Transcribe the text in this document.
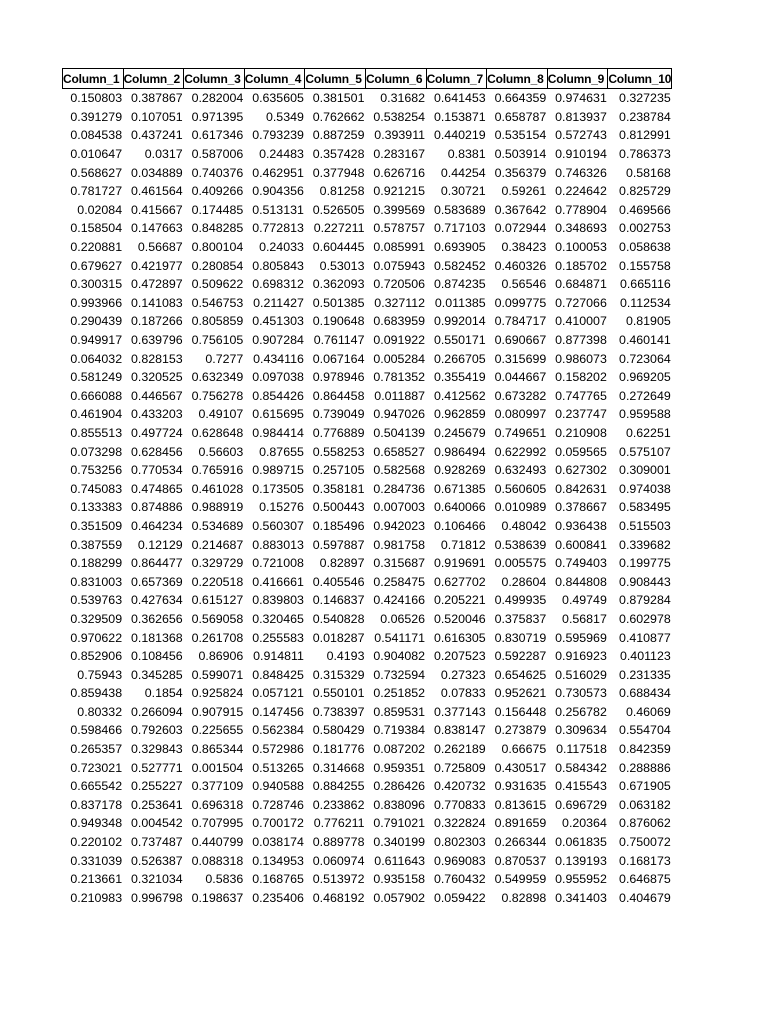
Column_1	Column_2	Column_3	Column_4	Column_5	Column_6	Column_7	Column_8	Column_9	Column_10
0.150803	0.387867	0.282004	0.635605	0.381501	0.31682	0.641453	0.664359	0.974631	0.327235
0.391279	0.107051	0.971395	0.5349	0.762662	0.538254	0.153871	0.658787	0.813937	0.238784
0.084538	0.437241	0.617346	0.793239	0.887259	0.393911	0.440219	0.535154	0.572743	0.812991
0.010647	0.0317	0.587006	0.24483	0.357428	0.283167	0.8381	0.503914	0.910194	0.786373
0.568627	0.034889	0.740376	0.462951	0.377948	0.626716	0.44254	0.356379	0.746326	0.58168
0.781727	0.461564	0.409266	0.904356	0.81258	0.921215	0.30721	0.59261	0.224642	0.825729
0.02084	0.415667	0.174485	0.513131	0.526505	0.399569	0.583689	0.367642	0.778904	0.469566
0.158504	0.147663	0.848285	0.772813	0.227211	0.578757	0.717103	0.072944	0.348693	0.002753
0.220881	0.56687	0.800104	0.24033	0.604445	0.085991	0.693905	0.38423	0.100053	0.058638
0.679627	0.421977	0.280854	0.805843	0.53013	0.075943	0.582452	0.460326	0.185702	0.155758
0.300315	0.472897	0.509622	0.698312	0.362093	0.720506	0.874235	0.56546	0.684871	0.665116
0.993966	0.141083	0.546753	0.211427	0.501385	0.327112	0.011385	0.099775	0.727066	0.112534
0.290439	0.187266	0.805859	0.451303	0.190648	0.683959	0.992014	0.784717	0.410007	0.81905
0.949917	0.639796	0.756105	0.907284	0.761147	0.091922	0.550171	0.690667	0.877398	0.460141
0.064032	0.828153	0.7277	0.434116	0.067164	0.005284	0.266705	0.315699	0.986073	0.723064
0.581249	0.320525	0.632349	0.097038	0.978946	0.781352	0.355419	0.044667	0.158202	0.969205
0.666088	0.446567	0.756278	0.854426	0.864458	0.011887	0.412562	0.673282	0.747765	0.272649
0.461904	0.433203	0.49107	0.615695	0.739049	0.947026	0.962859	0.080997	0.237747	0.959588
0.855513	0.497724	0.628648	0.984414	0.776889	0.504139	0.245679	0.749651	0.210908	0.62251
0.073298	0.628456	0.56603	0.87655	0.558253	0.658527	0.986494	0.622992	0.059565	0.575107
0.753256	0.770534	0.765916	0.989715	0.257105	0.582568	0.928269	0.632493	0.627302	0.309001
0.745083	0.474865	0.461028	0.173505	0.358181	0.284736	0.671385	0.560605	0.842631	0.974038
0.133383	0.874886	0.988919	0.15276	0.500443	0.007003	0.640066	0.010989	0.378667	0.583495
0.351509	0.464234	0.534689	0.560307	0.185496	0.942023	0.106466	0.48042	0.936438	0.515503
0.387559	0.12129	0.214687	0.883013	0.597887	0.981758	0.71812	0.538639	0.600841	0.339682
0.188299	0.864477	0.329729	0.721008	0.82897	0.315687	0.919691	0.005575	0.749403	0.199775
0.831003	0.657369	0.220518	0.416661	0.405546	0.258475	0.627702	0.28604	0.844808	0.908443
0.539763	0.427634	0.615127	0.839803	0.146837	0.424166	0.205221	0.499935	0.49749	0.879284
0.329509	0.362656	0.569058	0.320465	0.540828	0.06526	0.520046	0.375837	0.56817	0.602978
0.970622	0.181368	0.261708	0.255583	0.018287	0.541171	0.616305	0.830719	0.595969	0.410877
0.852906	0.108456	0.86906	0.914811	0.4193	0.904082	0.207523	0.592287	0.916923	0.401123
0.75943	0.345285	0.599071	0.848425	0.315329	0.732594	0.27323	0.654625	0.516029	0.231335
0.859438	0.1854	0.925824	0.057121	0.550101	0.251852	0.07833	0.952621	0.730573	0.688434
0.80332	0.266094	0.907915	0.147456	0.738397	0.859531	0.377143	0.156448	0.256782	0.46069
0.598466	0.792603	0.225655	0.562384	0.580429	0.719384	0.838147	0.273879	0.309634	0.554704
0.265357	0.329843	0.865344	0.572986	0.181776	0.087202	0.262189	0.66675	0.117518	0.842359
0.723021	0.527771	0.001504	0.513265	0.314668	0.959351	0.725809	0.430517	0.584342	0.288886
0.665542	0.255227	0.377109	0.940588	0.884255	0.286426	0.420732	0.931635	0.415543	0.671905
0.837178	0.253641	0.696318	0.728746	0.233862	0.838096	0.770833	0.813615	0.696729	0.063182
0.949348	0.004542	0.707995	0.700172	0.776211	0.791021	0.322824	0.891659	0.20364	0.876062
0.220102	0.737487	0.440799	0.038174	0.889778	0.340199	0.802303	0.266344	0.061835	0.750072
0.331039	0.526387	0.088318	0.134953	0.060974	0.611643	0.969083	0.870537	0.139193	0.168173
0.213661	0.321034	0.5836	0.168765	0.513972	0.935158	0.760432	0.549959	0.955952	0.646875
0.210983	0.996798	0.198637	0.235406	0.468192	0.057902	0.059422	0.82898	0.341403	0.404679
